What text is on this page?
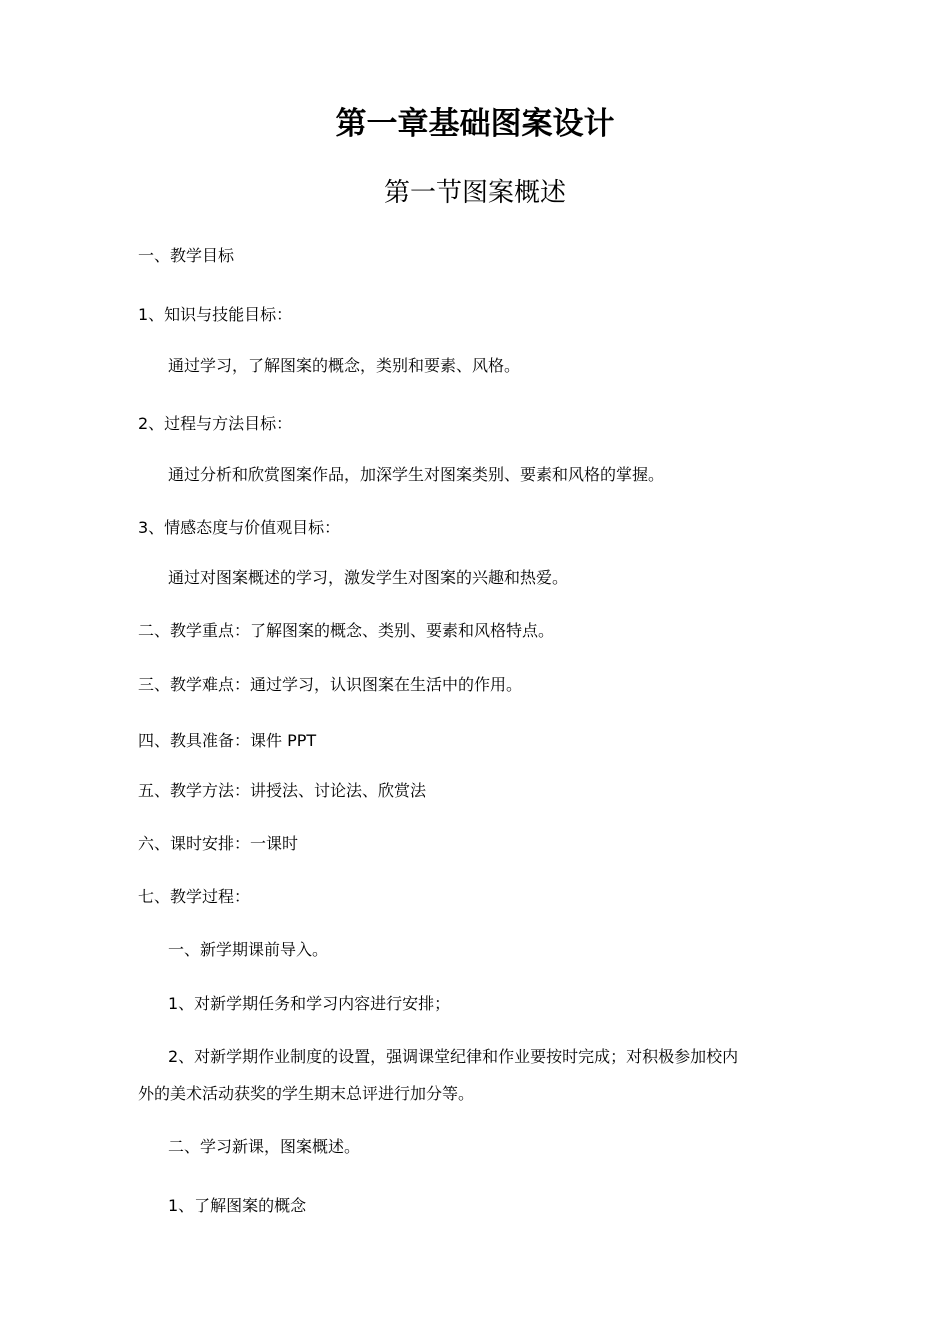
第一章基础图案设计
第一节图案概述
一、教学目标
1、知识与技能目标：
通过学习，了解图案的概念，类别和要素、风格。
2、过程与方法目标：
通过分析和欣赏图案作品，加深学生对图案类别、要素和风格的掌握。
3、情感态度与价值观目标：
通过对图案概述的学习，激发学生对图案的兴趣和热爱。
二、教学重点：了解图案的概念、类别、要素和风格特点。
三、教学难点：通过学习，认识图案在生活中的作用。
四、教具准备：课件 PPT
五、教学方法：讲授法、讨论法、欣赏法
六、课时安排：一课时
七、教学过程：
一、新学期课前导入。
1、对新学期任务和学习内容进行安排；
2、对新学期作业制度的设置，强调课堂纪律和作业要按时完成；对积极参加校内
外的美术活动获奖的学生期末总评进行加分等。
二、学习新课，图案概述。
1、了解图案的概念
